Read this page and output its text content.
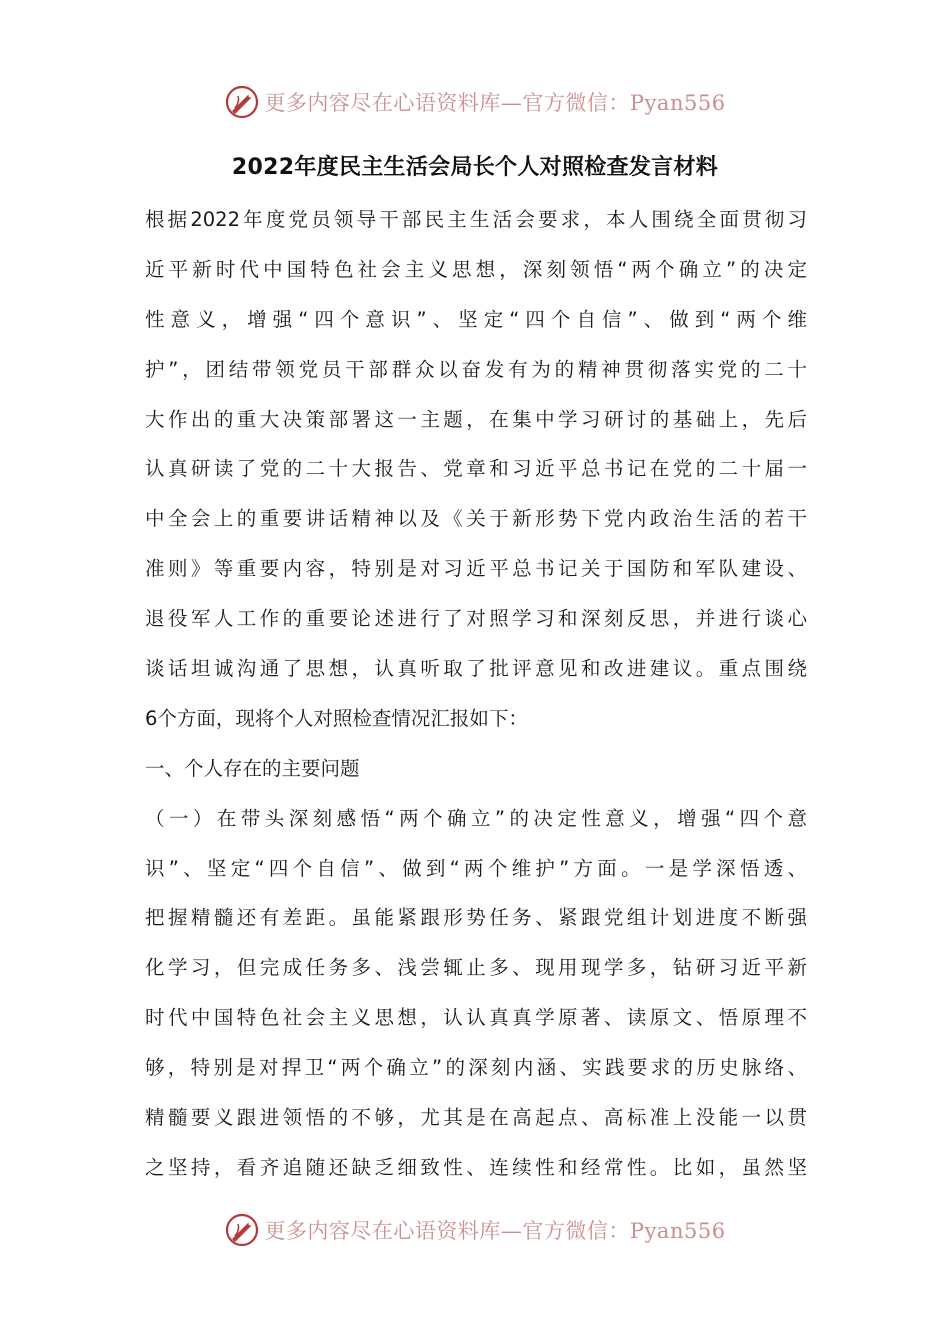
更多内容尽在心语资料库—官方微信：Pyan556
2022年度民主生活会局长个人对照检查发言材料
根据2022年度党员领导干部民主生活会要求，本人围绕全面贯彻习
近平新时代中国特色社会主义思想，深刻领悟“两个确立”的决定
性意义，增强“四个意识”、坚定“四个自信”、做到“两个维
护”，团结带领党员干部群众以奋发有为的精神贯彻落实党的二十
大作出的重大决策部署这一主题，在集中学习研讨的基础上，先后
认真研读了党的二十大报告、党章和习近平总书记在党的二十届一
中全会上的重要讲话精神以及《关于新形势下党内政治生活的若干
准则》等重要内容，特别是对习近平总书记关于国防和军队建设、
退役军人工作的重要论述进行了对照学习和深刻反思，并进行谈心
谈话坦诚沟通了思想，认真听取了批评意见和改进建议。重点围绕
6个方面，现将个人对照检查情况汇报如下：
一、个人存在的主要问题
（一）在带头深刻感悟“两个确立”的决定性意义，增强“四个意
识”、坚定“四个自信”、做到“两个维护”方面。一是学深悟透、
把握精髓还有差距。虽能紧跟形势任务、紧跟党组计划进度不断强
化学习，但完成任务多、浅尝辄止多、现用现学多，钻研习近平新
时代中国特色社会主义思想，认认真真学原著、读原文、悟原理不
够，特别是对捍卫“两个确立”的深刻内涵、实践要求的历史脉络、
精髓要义跟进领悟的不够，尤其是在高起点、高标准上没能一以贯
之坚持，看齐追随还缺乏细致性、连续性和经常性。比如，虽然坚
更多内容尽在心语资料库—官方微信：Pyan556
